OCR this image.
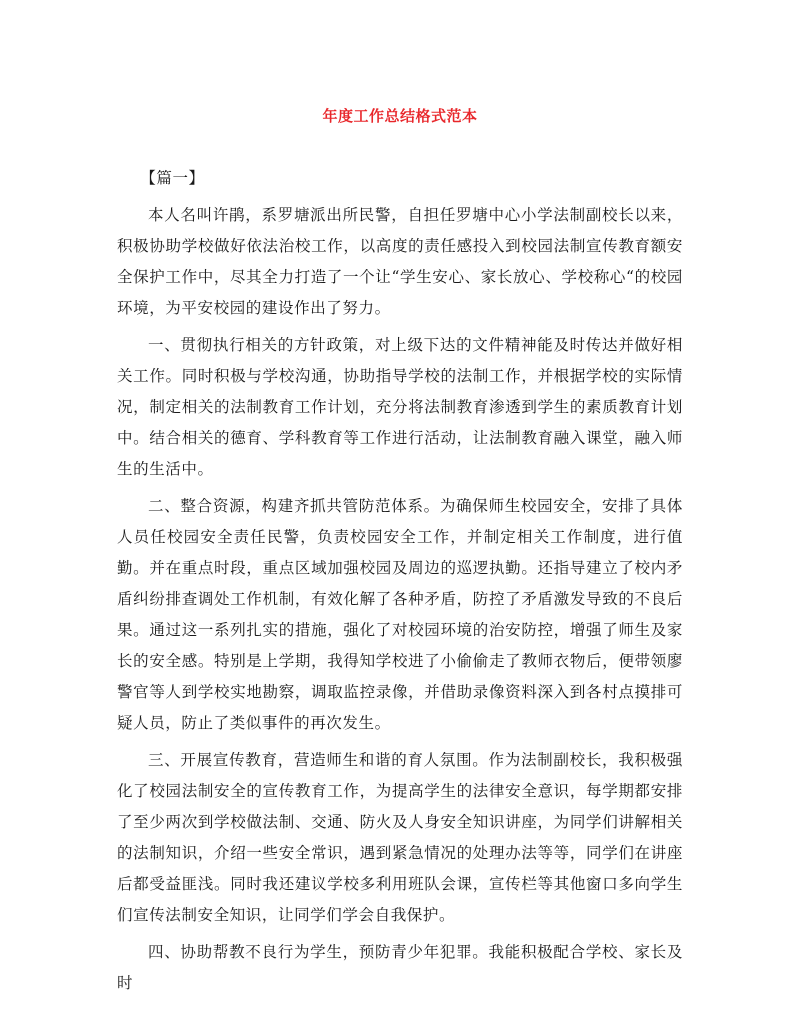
年度工作总结格式范本

【篇一】

本人名叫许鹃，系罗塘派出所民警，自担任罗塘中心小学法制副校长以来，积极协助学校做好依法治校工作，以高度的责任感投入到校园法制宣传教育额安全保护工作中，尽其全力打造了一个让“学生安心、家长放心、学校称心“的校园环境，为平安校园的建设作出了努力。

一、贯彻执行相关的方针政策，对上级下达的文件精神能及时传达并做好相关工作。同时积极与学校沟通，协助指导学校的法制工作，并根据学校的实际情况，制定相关的法制教育工作计划，充分将法制教育渗透到学生的素质教育计划中。结合相关的德育、学科教育等工作进行活动，让法制教育融入课堂，融入师生的生活中。

二、整合资源，构建齐抓共管防范体系。为确保师生校园安全，安排了具体人员任校园安全责任民警，负责校园安全工作，并制定相关工作制度，进行值勤。并在重点时段，重点区域加强校园及周边的巡逻执勤。还指导建立了校内矛盾纠纷排查调处工作机制，有效化解了各种矛盾，防控了矛盾激发导致的不良后果。通过这一系列扎实的措施，强化了对校园环境的治安防控，增强了师生及家长的安全感。特别是上学期，我得知学校进了小偷偷走了教师衣物后，便带领廖警官等人到学校实地勘察，调取监控录像，并借助录像资料深入到各村点摸排可疑人员，防止了类似事件的再次发生。

三、开展宣传教育，营造师生和谐的育人氛围。作为法制副校长，我积极强化了校园法制安全的宣传教育工作，为提高学生的法律安全意识，每学期都安排了至少两次到学校做法制、交通、防火及人身安全知识讲座，为同学们讲解相关的法制知识，介绍一些安全常识，遇到紧急情况的处理办法等等，同学们在讲座后都受益匪浅。同时我还建议学校多利用班队会课，宣传栏等其他窗口多向学生们宣传法制安全知识，让同学们学会自我保护。

四、协助帮教不良行为学生，预防青少年犯罪。我能积极配合学校、家长及时
